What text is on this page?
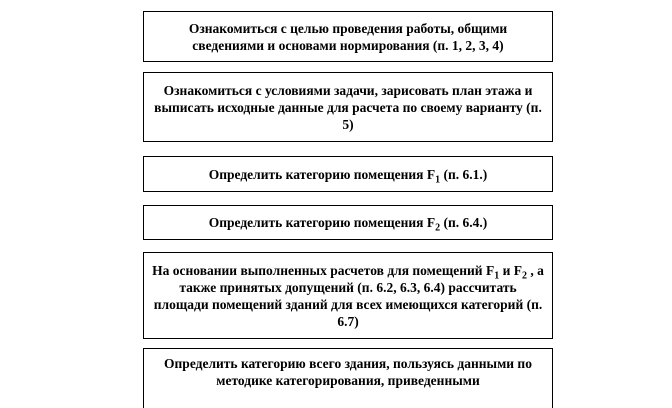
Ознакомиться с целью проведения работы, общими сведениями и основами нормирования (п. 1, 2, 3, 4)
Ознакомиться с условиями задачи, зарисовать план этажа и выписать исходные данные для расчета по своему варианту (п. 5)
Определить категорию помещения $F_1$ (п. 6.1.)
Определить категорию помещения $F_2$ (п. 6.4.)
На основании выполненных расчетов для помещений $F_1$ и $F_2$ , а также принятых допущений (п. 6.2, 6.3, 6.4) рассчитать площади помещений зданий для всех имеющихся категорий (п. 6.7)
Определить категорию всего здания, пользуясь данными по методике категорирования, приведенными
